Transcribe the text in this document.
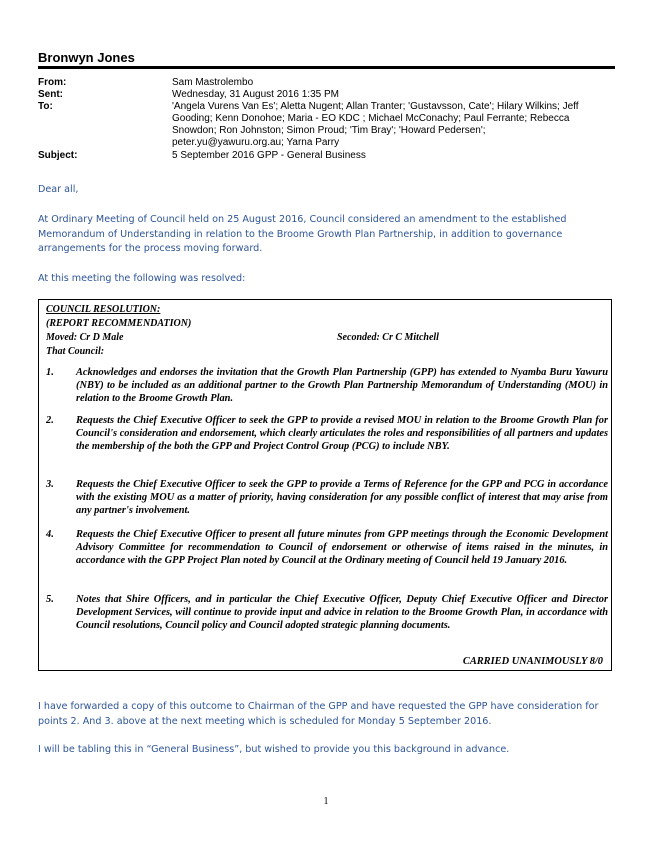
Bronwyn Jones
From:	Sam Mastrolembo
Sent:	Wednesday, 31 August 2016 1:35 PM
To:	'Angela Vurens Van Es'; Aletta Nugent; Allan Tranter; 'Gustavsson, Cate'; Hilary Wilkins; Jeff
Gooding; Kenn Donohoe; Maria - EO KDC ; Michael McConachy; Paul Ferrante; Rebecca
Snowdon; Ron Johnston; Simon Proud; 'Tim Bray'; 'Howard Pedersen';
peter.yu@yawuru.org.au; Yarna Parry
Subject:	5 September 2016 GPP - General Business
Dear all,
At Ordinary Meeting of Council held on 25 August 2016, Council considered an amendment to the established Memorandum of Understanding in relation to the Broome Growth Plan Partnership, in addition to governance arrangements for the process moving forward.
At this meeting the following was resolved:
COUNCIL RESOLUTION:
(REPORT RECOMMENDATION)
Moved: Cr D Male	Seconded: Cr C Mitchell
That Council:
1. Acknowledges and endorses the invitation that the Growth Plan Partnership (GPP) has extended to Nyamba Buru Yawuru (NBY) to be included as an additional partner to the Growth Plan Partnership Memorandum of Understanding (MOU) in relation to the Broome Growth Plan.
2. Requests the Chief Executive Officer to seek the GPP to provide a revised MOU in relation to the Broome Growth Plan for Council's consideration and endorsement, which clearly articulates the roles and responsibilities of all partners and updates the membership of the both the GPP and Project Control Group (PCG) to include NBY.
3. Requests the Chief Executive Officer to seek the GPP to provide a Terms of Reference for the GPP and PCG in accordance with the existing MOU as a matter of priority, having consideration for any possible conflict of interest that may arise from any partner's involvement.
4. Requests the Chief Executive Officer to present all future minutes from GPP meetings through the Economic Development Advisory Committee for recommendation to Council of endorsement or otherwise of items raised in the minutes, in accordance with the GPP Project Plan noted by Council at the Ordinary meeting of Council held 19 January 2016.
5. Notes that Shire Officers, and in particular the Chief Executive Officer, Deputy Chief Executive Officer and Director Development Services, will continue to provide input and advice in relation to the Broome Growth Plan, in accordance with Council resolutions, Council policy and Council adopted strategic planning documents.
CARRIED UNANIMOUSLY 8/0
I have forwarded a copy of this outcome to Chairman of the GPP and have requested the GPP have consideration for points 2. And 3. above at the next meeting which is scheduled for Monday 5 September 2016.
I will be tabling this in “General Business”, but wished to provide you this background in advance.
1
